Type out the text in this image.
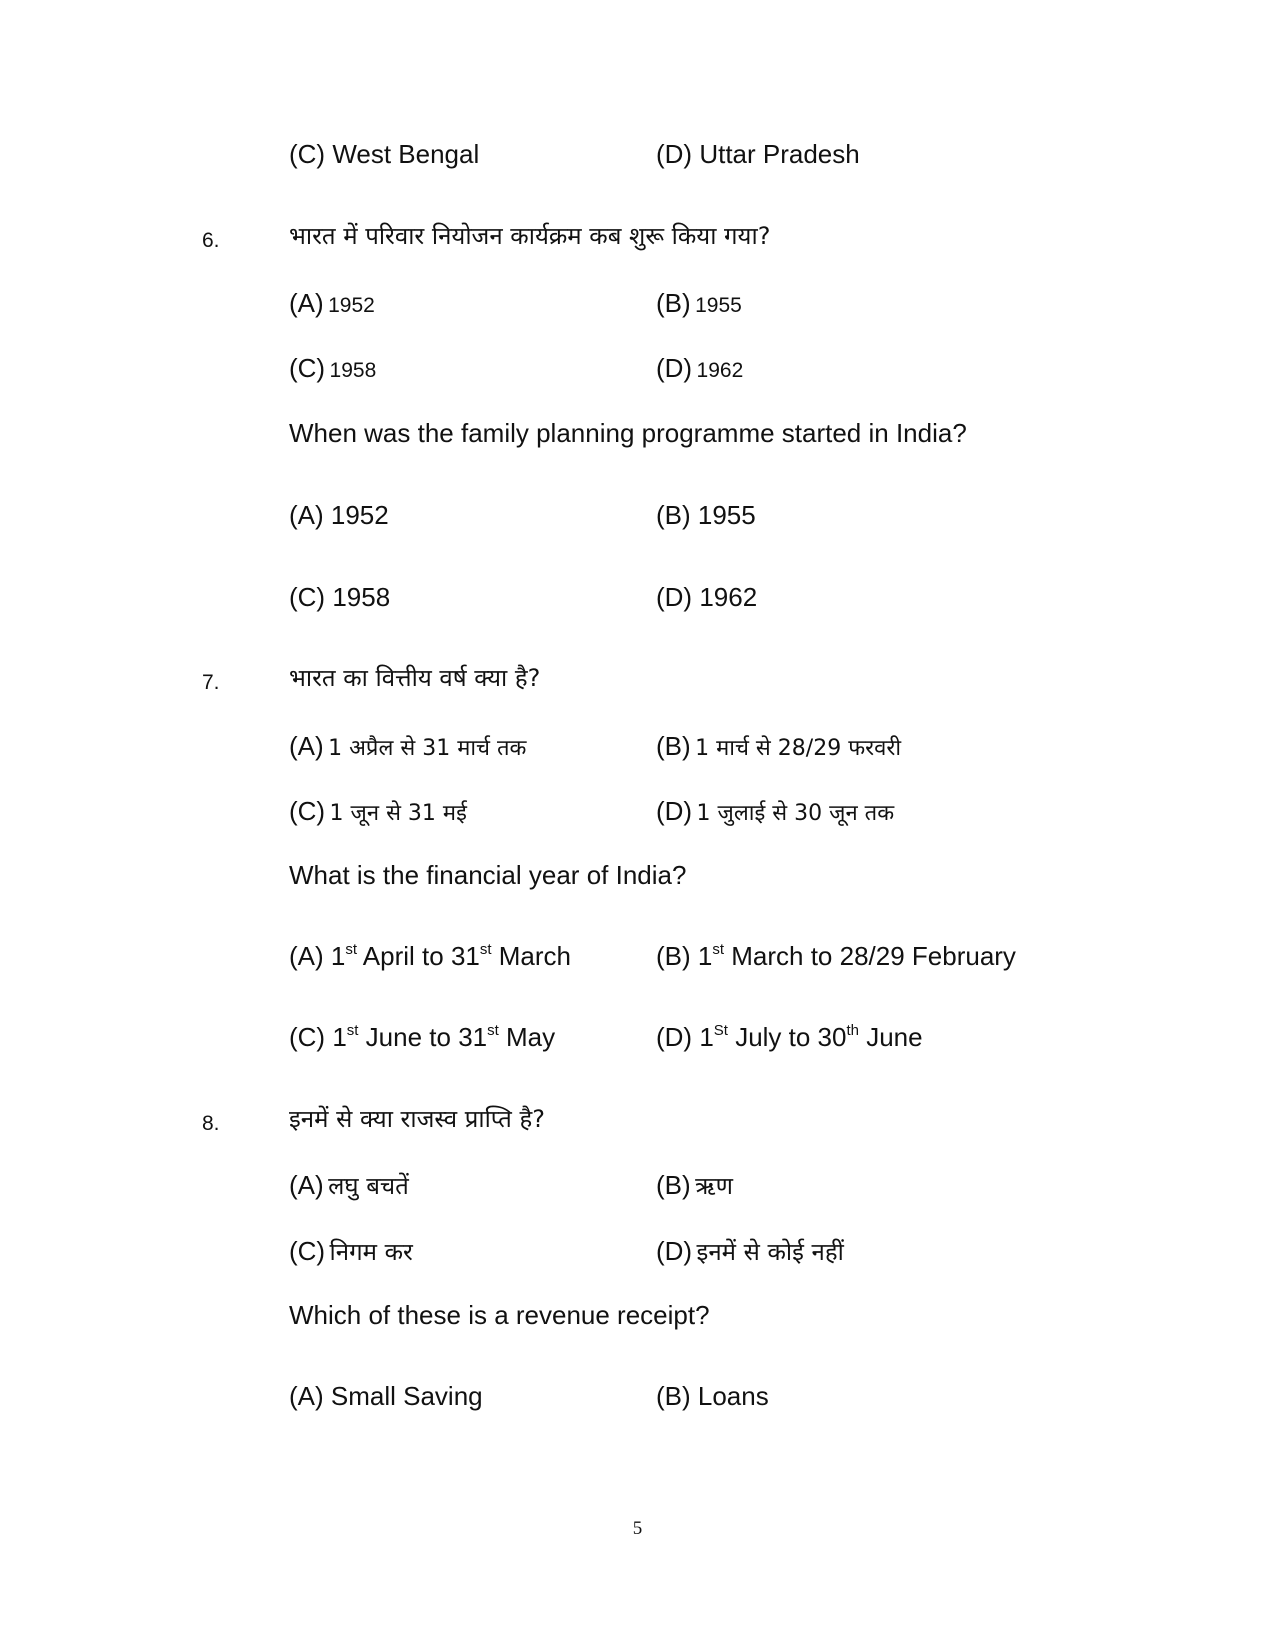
(C) West Bengal	(D) Uttar Pradesh
6.	भारत में परिवार नियोजन कार्यक्रम कब शुरू किया गया?
(A) 1952	(B) 1955
(C) 1958	(D) 1962
When was the family planning programme started in India?
(A) 1952	(B) 1955
(C) 1958	(D) 1962
7.	भारत का वित्तीय वर्ष क्या है?
(A) 1 अप्रैल से 31 मार्च तक	(B) 1 मार्च से 28/29 फरवरी
(C) 1 जून से 31 मई	(D) 1 जुलाई से 30 जून तक
What is the financial year of India?
(A) 1st April to 31st March	(B) 1st March to 28/29 February
(C) 1st June to 31st May	(D) 1St July to 30th June
8.	इनमें से क्या राजस्व प्राप्ति है?
(A) लघु बचतें	(B) ऋण
(C) निगम कर	(D) इनमें से कोई नहीं
Which of these is a revenue receipt?
(A) Small Saving	(B) Loans
5
